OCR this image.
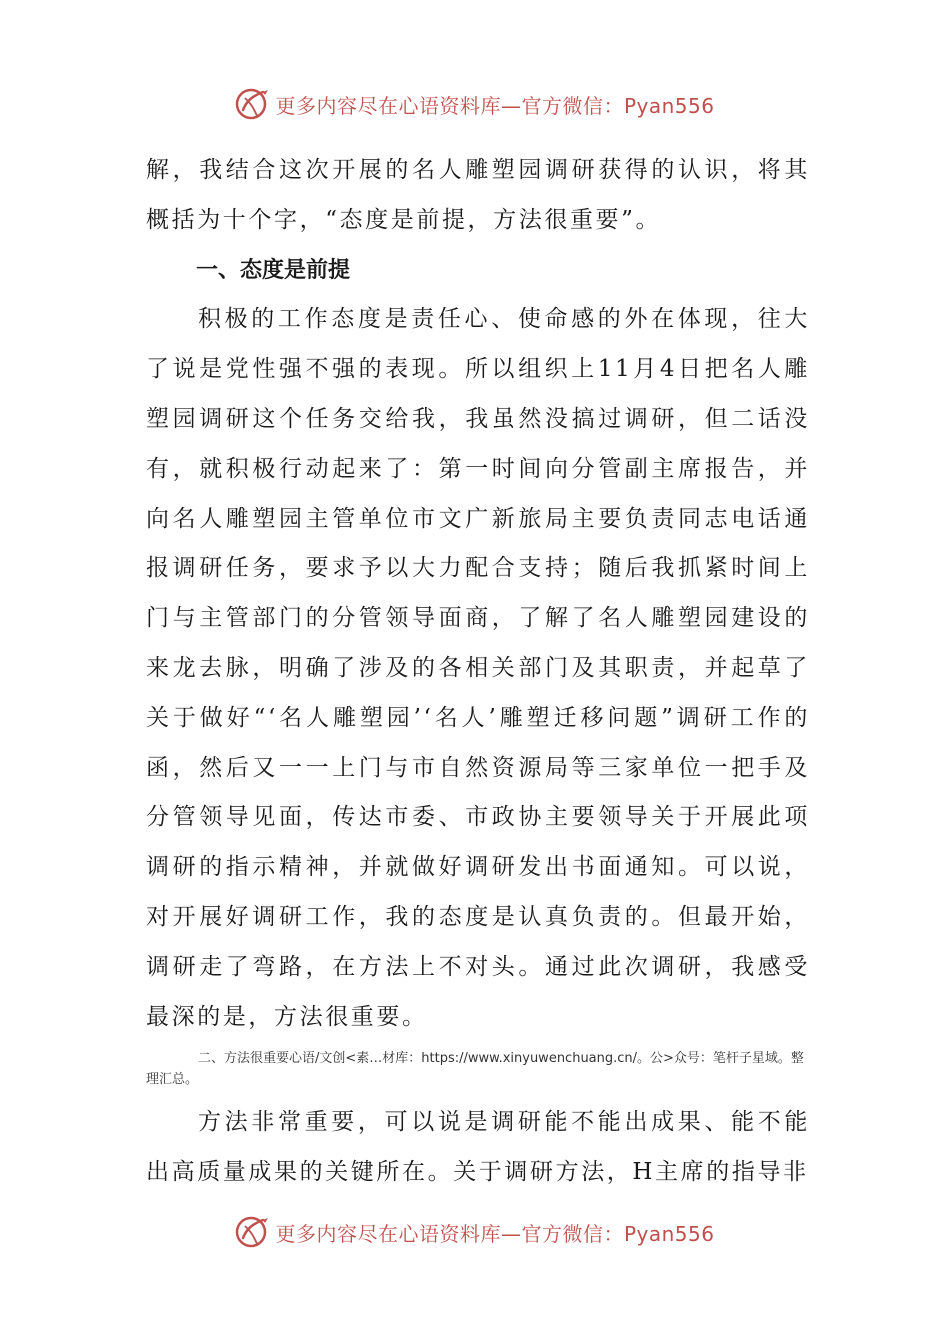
更多内容尽在心语资料库—官方微信：Pyan556

解，我结合这次开展的名人雕塑园调研获得的认识，将其概括为十个字，“态度是前提，方法很重要”。

一、态度是前提

积极的工作态度是责任心、使命感的外在体现，往大了说是党性强不强的表现。所以组织上11月4日把名人雕塑园调研这个任务交给我，我虽然没搞过调研，但二话没有，就积极行动起来了：第一时间向分管副主席报告，并向名人雕塑园主管单位市文广新旅局主要负责同志电话通报调研任务，要求予以大力配合支持；随后我抓紧时间上门与主管部门的分管领导面商，了解了名人雕塑园建设的来龙去脉，明确了涉及的各相关部门及其职责，并起草了关于做好“‘名人雕塑园’‘名人’雕塑迁移问题”调研工作的函，然后又一一上门与市自然资源局等三家单位一把手及分管领导见面，传达市委、市政协主要领导关于开展此项调研的指示精神，并就做好调研发出书面通知。可以说，对开展好调研工作，我的态度是认真负责的。但最开始，调研走了弯路，在方法上不对头。通过此次调研，我感受最深的是，方法很重要。

二、方法很重要心语/文创<素…材库：https://www.xinyuwenchuang.cn/。公>众号：笔杆子星域。整理汇总。

方法非常重要，可以说是调研能不能出成果、能不能出高质量成果的关键所在。关于调研方法，H主席的指导非

更多内容尽在心语资料库—官方微信：Pyan556
